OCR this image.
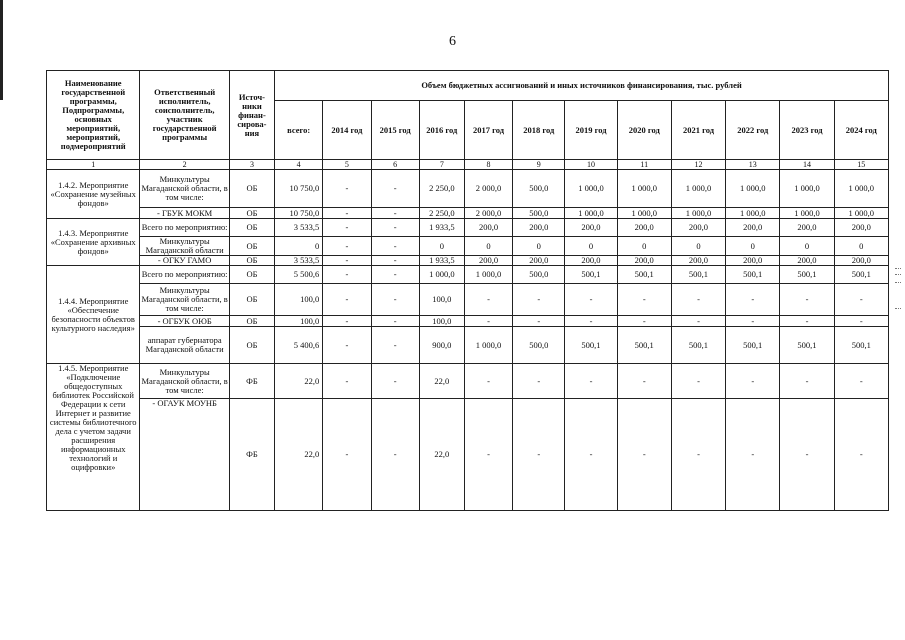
6
Наименование государственной программы, Подпрограммы, основных мероприятий, мероприятий, подмероприятий	Ответственный исполнитель, соисполнитель, участник государственной программы	Источ-ники финан-сирова-ния	Объем бюджетных ассигнований и иных источников финансирования, тыс. рублей											
			всего:	2014 год	2015 год	2016 год	2017 год	2018 год	2019 год	2020 год	2021 год	2022 год	2023 год	2024 год
1	2	3	4	5	6	7	8	9	10	11	12	13	14	15
1.4.2. Мероприятие «Сохранение музейных фондов»	Минкультуры Магаданской области, в том числе:	ОБ	10 750,0	-	-	2 250,0	2 000,0	500,0	1 000,0	1 000,0	1 000,0	1 000,0	1 000,0	1 000,0
	- ГБУК МОКМ	ОБ	10 750,0	-	-	2 250,0	2 000,0	500,0	1 000,0	1 000,0	1 000,0	1 000,0	1 000,0	1 000,0
1.4.3. Мероприятие «Сохранение архивных фондов»	Всего по мероприятию:	ОБ	3 533,5	-	-	1 933,5	200,0	200,0	200,0	200,0	200,0	200,0	200,0	200,0
	Минкультуры Магаданской области	ОБ	0	-	-	0	0	0	0	0	0	0	0	0
	- ОГКУ ГАМО	ОБ	3 533,5	-	-	1 933,5	200,0	200,0	200,0	200,0	200,0	200,0	200,0	200,0
1.4.4. Мероприятие «Обеспечение безопасности объектов культурного наследия»	Всего по мероприятию:	ОБ	5 500,6	-	-	1 000,0	1 000,0	500,0	500,1	500,1	500,1	500,1	500,1	500,1
	Минкультуры Магаданской области, в том числе:	ОБ	100,0	-	-	100,0	-	-	-	-	-	-	-	-
	- ОГБУК ОЮБ	ОБ	100,0	-	-	100,0	-	-	-	-	-	-	-	-
	аппарат губернатора Магаданской области	ОБ	5 400,6	-	-	900,0	1 000,0	500,0	500,1	500,1	500,1	500,1	500,1	500,1
1.4.5. Мероприятие «Подключение общедоступных библиотек Российской Федерации к сети Интернет и развитие системы библиотечного дела с учетом задачи расширения информационных технологий и оцифровки»	Минкультуры Магаданской области, в том числе:	ФБ	22,0	-	-	22,0	-	-	-	-	-	-	-	-
	- ОГАУК МОУНБ	ФБ	22,0	-	-	22,0	-	-	-	-	-	-	-	-
